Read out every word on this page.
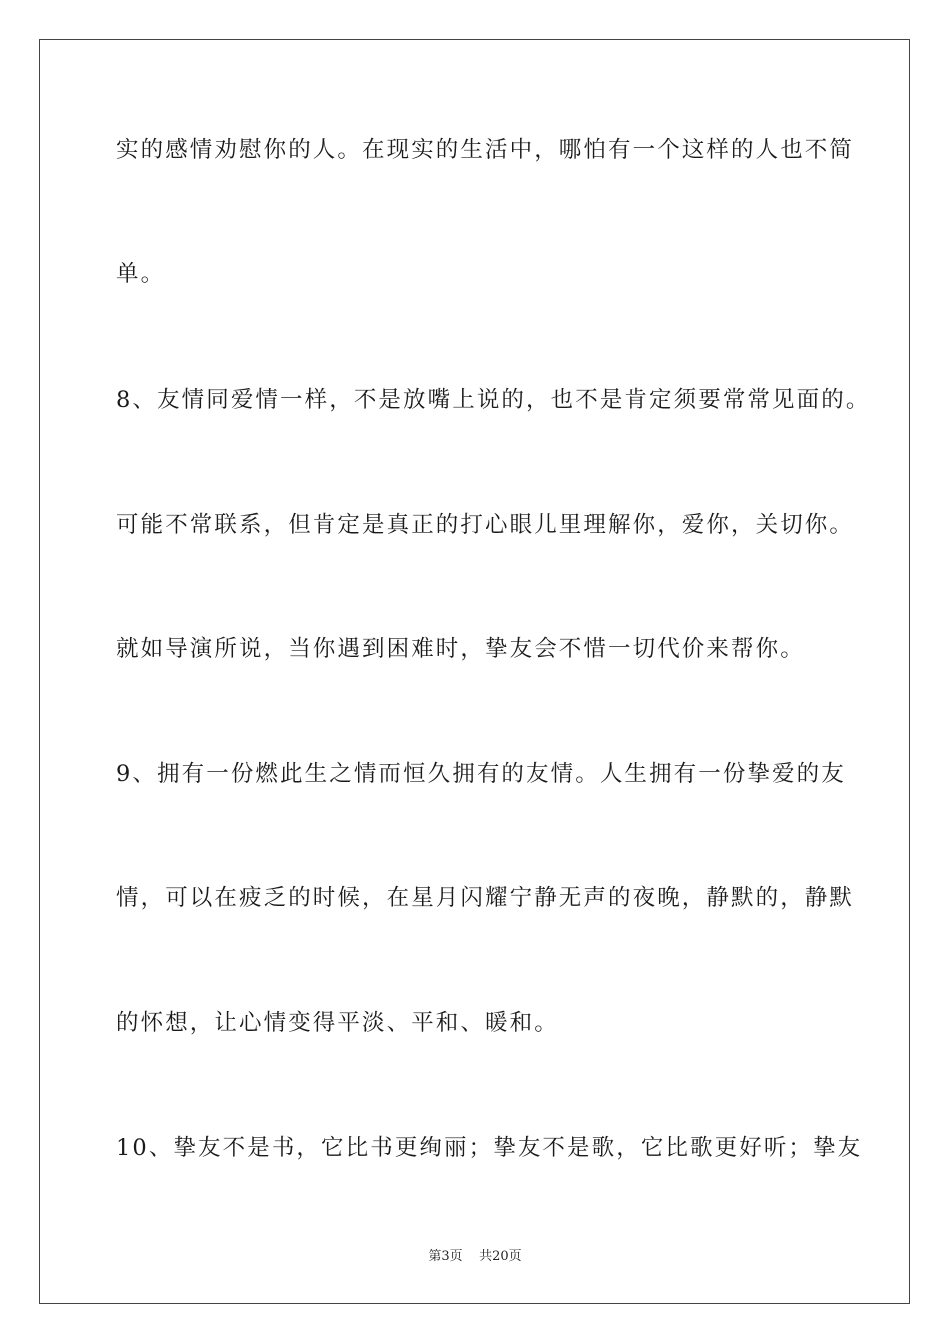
实的感情劝慰你的人。在现实的生活中，哪怕有一个这样的人也不简
单。
8、友情同爱情一样，不是放嘴上说的，也不是肯定须要常常见面的。
可能不常联系，但肯定是真正的打心眼儿里理解你，爱你，关切你。
就如导演所说，当你遇到困难时，挚友会不惜一切代价来帮你。
9、拥有一份燃此生之情而恒久拥有的友情。人生拥有一份挚爱的友
情，可以在疲乏的时候，在星月闪耀宁静无声的夜晚，静默的，静默
的怀想，让心情变得平淡、平和、暖和。
10、挚友不是书，它比书更绚丽；挚友不是歌，它比歌更好听；挚友
第3页 共20页
